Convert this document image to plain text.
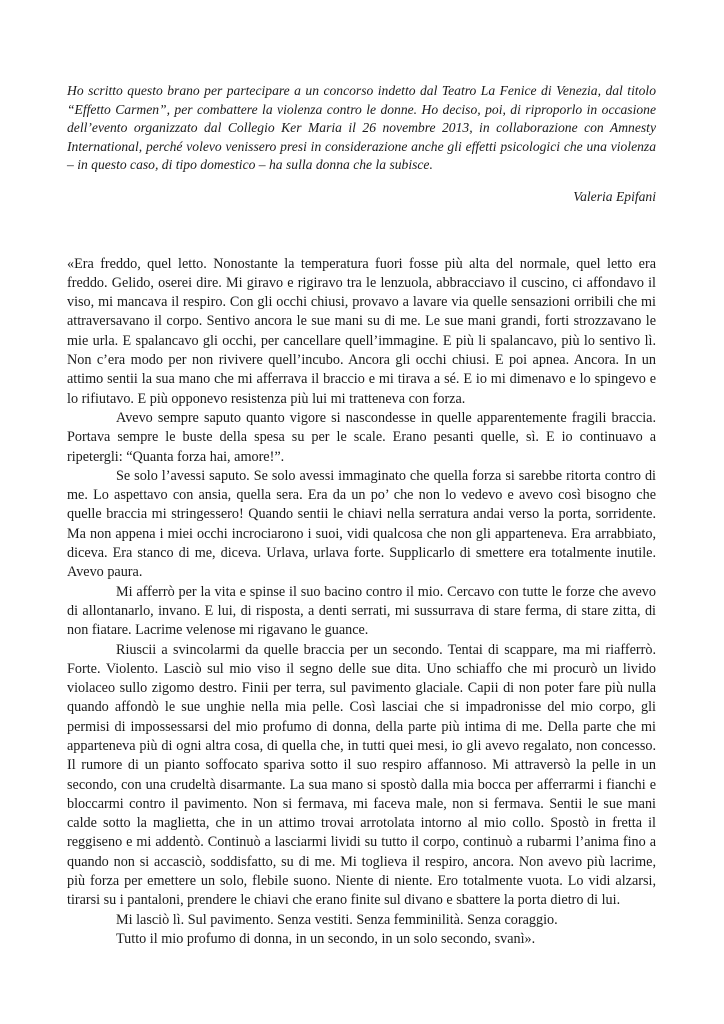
Ho scritto questo brano per partecipare a un concorso indetto dal Teatro La Fenice di Venezia, dal titolo “Effetto Carmen”, per combattere la violenza contro le donne. Ho deciso, poi, di riproporlo in occasione dell’evento organizzato dal Collegio Ker Maria il 26 novembre 2013, in collaborazione con Amnesty International, perché volevo venissero presi in considerazione anche gli effetti psicologici che una violenza – in questo caso, di tipo domestico – ha sulla donna che la subisce.

Valeria Epifani

«Era freddo, quel letto. Nonostante la temperatura fuori fosse più alta del normale, quel letto era freddo. Gelido, oserei dire. Mi giravo e rigiravo tra le lenzuola, abbracciavo il cuscino, ci affondavo il viso, mi mancava il respiro. Con gli occhi chiusi, provavo a lavare via quelle sensazioni orribili che mi attraversavano il corpo. Sentivo ancora le sue mani su di me. Le sue mani grandi, forti strozzavano le mie urla. E spalancavo gli occhi, per cancellare quell’immagine. E più li spalancavo, più lo sentivo lì. Non c’era modo per non rivivere quell’incubo. Ancora gli occhi chiusi. E poi apnea. Ancora. In un attimo sentii la sua mano che mi afferrava il braccio e mi tirava a sé. E io mi dimenavo e lo spingevo e lo rifiutavo. E più opponevo resistenza più lui mi tratteneva con forza.

Avevo sempre saputo quanto vigore si nascondesse in quelle apparentemente fragili braccia. Portava sempre le buste della spesa su per le scale. Erano pesanti quelle, sì. E io continuavo a ripetergli: “Quanta forza hai, amore!”.

Se solo l’avessi saputo. Se solo avessi immaginato che quella forza si sarebbe ritorta contro di me. Lo aspettavo con ansia, quella sera. Era da un po’ che non lo vedevo e avevo così bisogno che quelle braccia mi stringessero! Quando sentii le chiavi nella serratura andai verso la porta, sorridente. Ma non appena i miei occhi incrociarono i suoi, vidi qualcosa che non gli apparteneva. Era arrabbiato, diceva. Era stanco di me, diceva. Urlava, urlava forte. Supplicarlo di smettere era totalmente inutile. Avevo paura.

Mi afferrò per la vita e spinse il suo bacino contro il mio. Cercavo con tutte le forze che avevo di allontanarlo, invano. E lui, di risposta, a denti serrati, mi sussurrava di stare ferma, di stare zitta, di non fiatare. Lacrime velenose mi rigavano le guance.

Riuscii a svincolarmi da quelle braccia per un secondo. Tentai di scappare, ma mi riafferrò. Forte. Violento. Lasciò sul mio viso il segno delle sue dita. Uno schiaffo che mi procurò un livido violaceo sullo zigomo destro. Finii per terra, sul pavimento glaciale. Capii di non poter fare più nulla quando affondò le sue unghie nella mia pelle. Così lasciai che si impadronisse del mio corpo, gli permisi di impossessarsi del mio profumo di donna, della parte più intima di me. Della parte che mi apparteneva più di ogni altra cosa, di quella che, in tutti quei mesi, io gli avevo regalato, non concesso. Il rumore di un pianto soffocato spariva sotto il suo respiro affannoso. Mi attraversò la pelle in un secondo, con una crudeltà disarmante. La sua mano si spostò dalla mia bocca per afferrarmi i fianchi e bloccarmi contro il pavimento. Non si fermava, mi faceva male, non si fermava. Sentii le sue mani calde sotto la maglietta, che in un attimo trovai arrotolata intorno al mio collo. Spostò in fretta il reggiseno e mi addentò. Continuò a lasciarmi lividi su tutto il corpo, continuò a rubarmi l’anima fino a quando non si accasciò, soddisfatto, su di me. Mi toglieva il respiro, ancora. Non avevo più lacrime, più forza per emettere un solo, flebile suono. Niente di niente. Ero totalmente vuota. Lo vidi alzarsi, tirarsi su i pantaloni, prendere le chiavi che erano finite sul divano e sbattere la porta dietro di lui.

Mi lasciò lì. Sul pavimento. Senza vestiti. Senza femminilità. Senza coraggio.

Tutto il mio profumo di donna, in un secondo, in un solo secondo, svanì».
